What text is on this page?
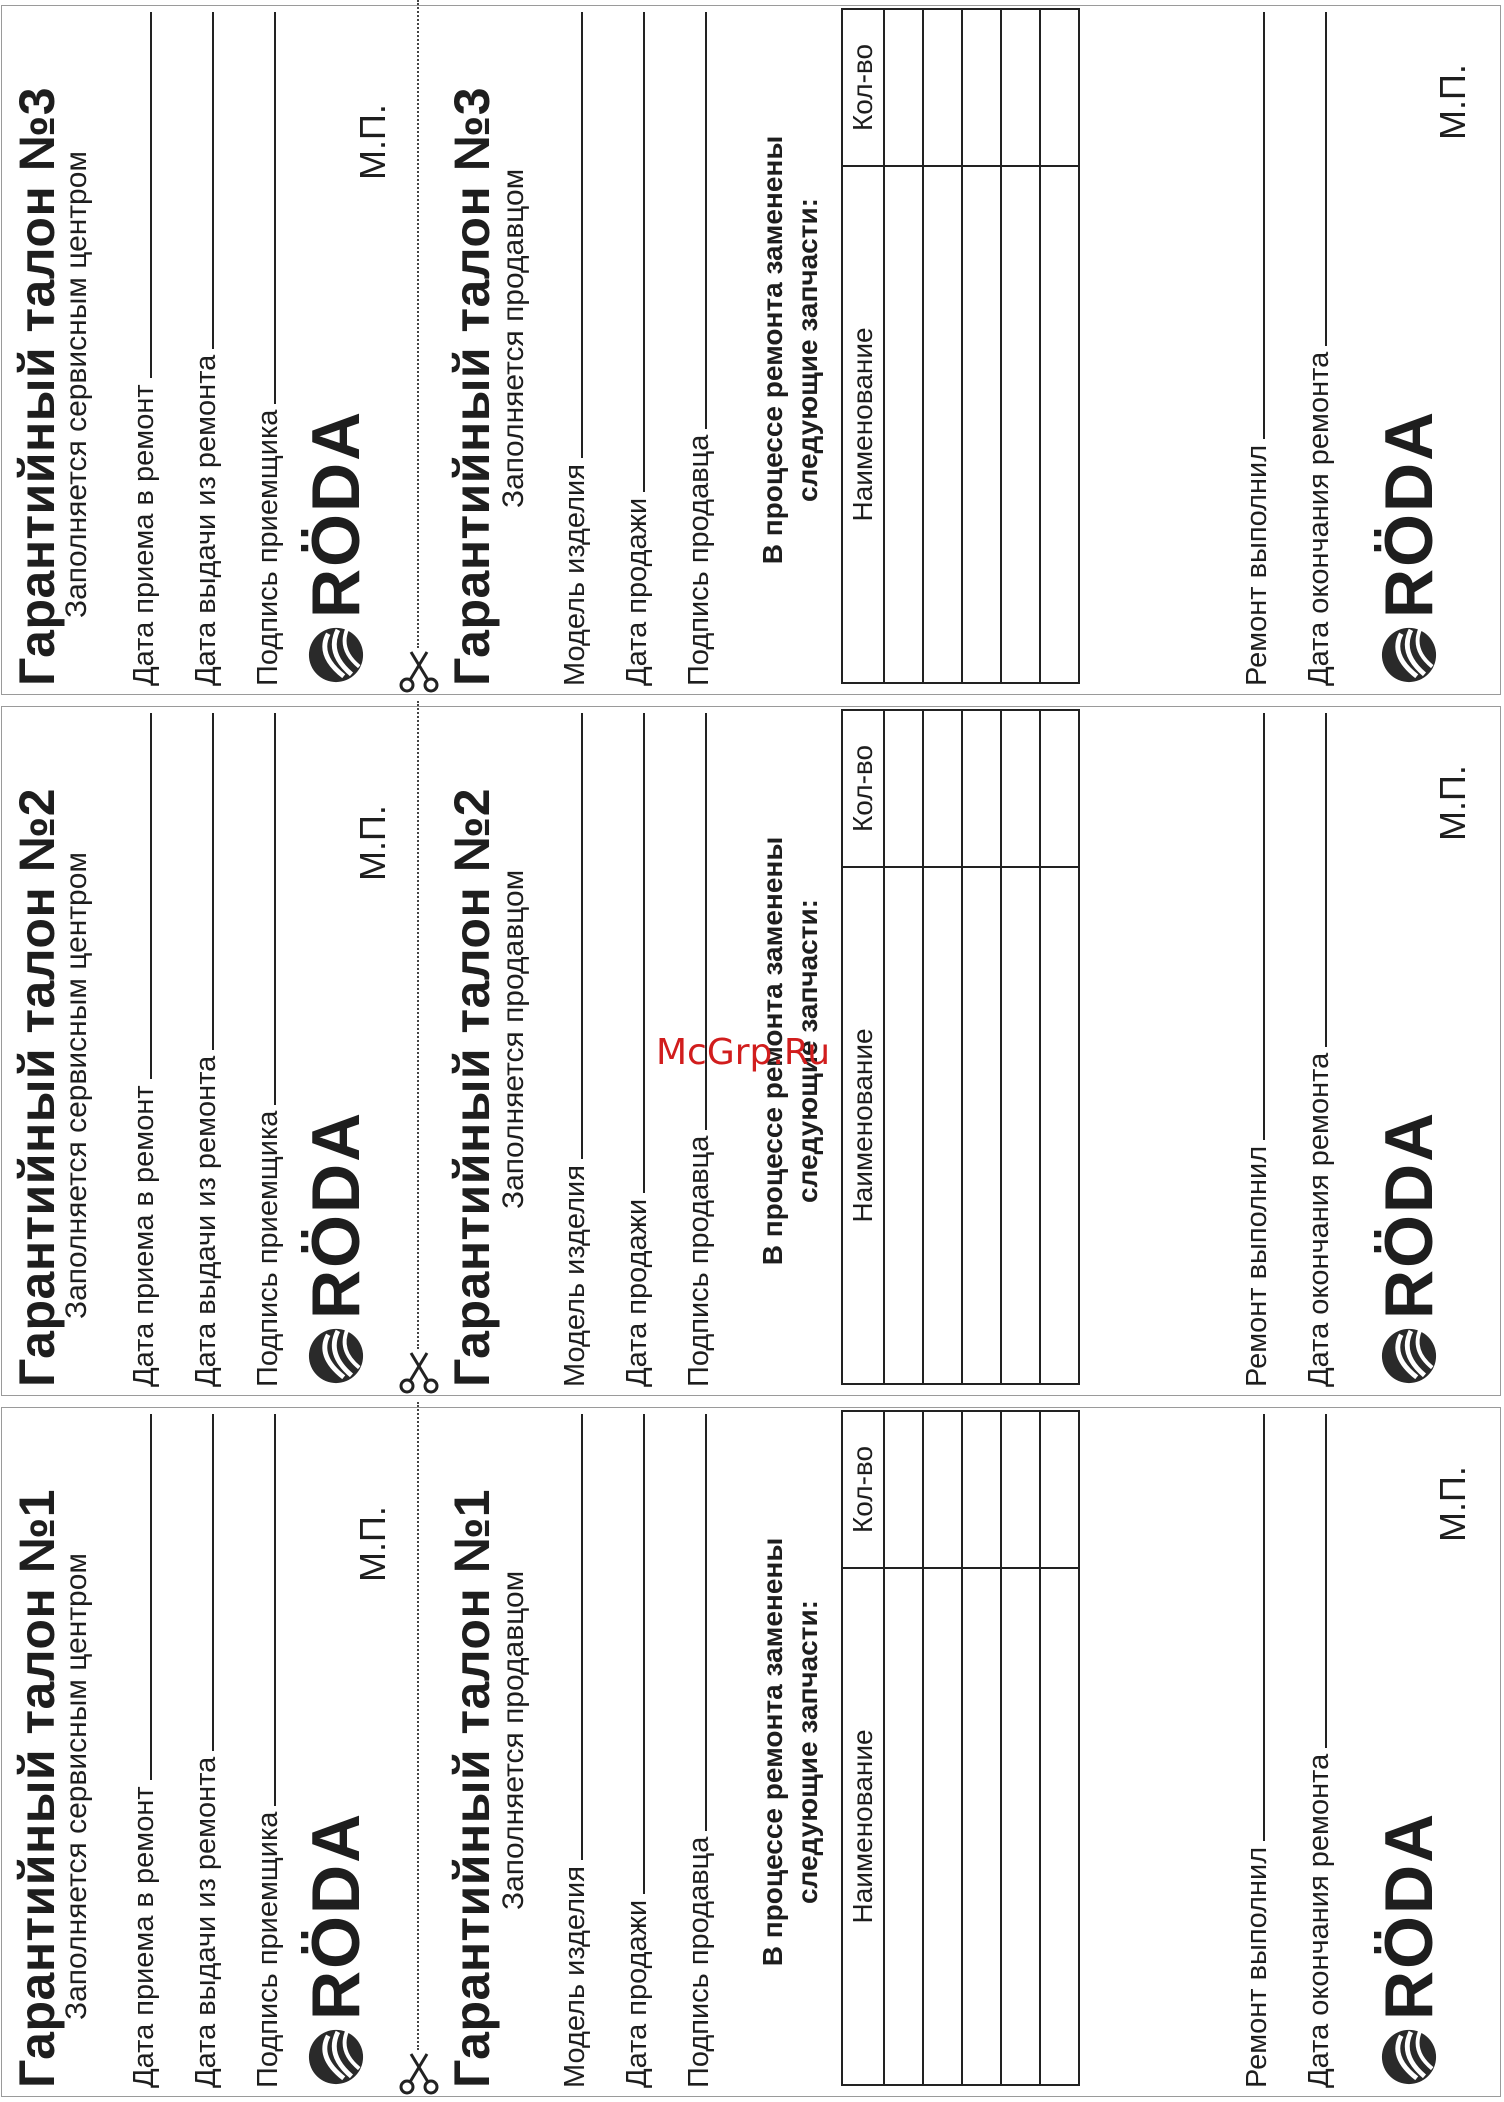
Гарантийный талон №1
Заполняется сервисным центром Дата приема в ремонт Дата выдачи из ремонта Подпись приемщика RÖDA
М.П. Гарантийный талон №1
Заполняется продавцом
Модель изделия Дата продажи Подпись продавца В процессе ремонта заменены следующие запчасти: Наименование	Кол-во

Ремонт выполнил Дата окончания ремонта RÖDA
М.П.
Гарантийный талон №2
Заполняется сервисным центром Дата приема в ремонт Дата выдачи из ремонта Подпись приемщика RÖDA
М.П. Гарантийный талон №2
Заполняется продавцом
Модель изделия Дата продажи Подпись продавца В процессе ремонта заменены следующие запчасти: Наименование	Кол-во

Ремонт выполнил Дата окончания ремонта RÖDA
М.П.
Гарантийный талон №3
Заполняется сервисным центром Дата приема в ремонт Дата выдачи из ремонта Подпись приемщика RÖDA
М.П. Гарантийный талон №3
Заполняется продавцом
Модель изделия Дата продажи Подпись продавца В процессе ремонта заменены следующие запчасти: Наименование	Кол-во

Ремонт выполнил Дата окончания ремонта RÖDA
М.П.
McGrp.Ru
